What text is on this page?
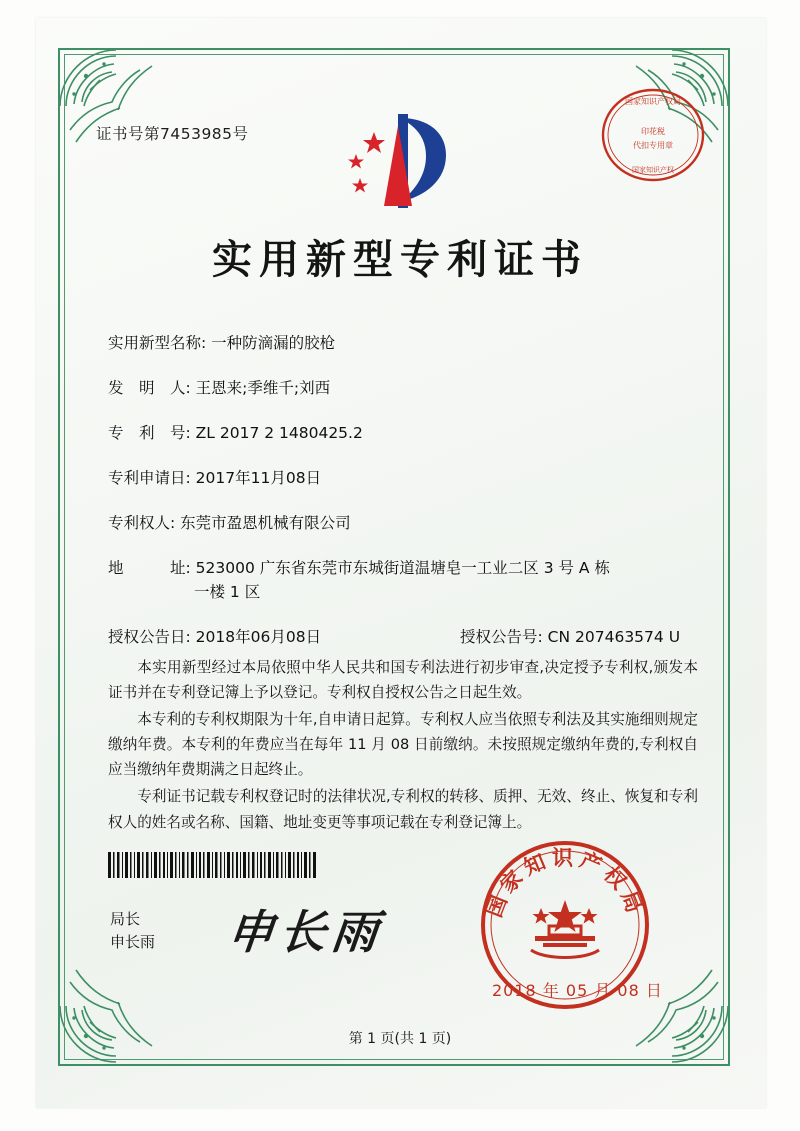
证书号第7453985号
国家知识产权局
印花税
代扣专用章
国家知识产权
实用新型专利证书
实用新型名称: 一种防滴漏的胶枪
发　明　人: 王恩来;季维千;刘西
专　利　号: ZL 2017 2 1480425.2
专利申请日: 2017年11月08日
专利权人: 东莞市盈恩机械有限公司
地　　　址: 523000 广东省东莞市东城街道温塘皂一工业二区 3 号 A 栋
一楼 1 区
授权公告日: 2018年06月08日	授权公告号: CN 207463574 U

本实用新型经过本局依照中华人民共和国专利法进行初步审查,决定授予专利权,颁发本证书并在专利登记簿上予以登记。专利权自授权公告之日起生效。

本专利的专利权期限为十年,自申请日起算。专利权人应当依照专利法及其实施细则规定缴纳年费。本专利的年费应当在每年 11 月 08 日前缴纳。未按照规定缴纳年费的,专利权自应当缴纳年费期满之日起终止。

专利证书记载专利权登记时的法律状况,专利权的转移、质押、无效、终止、恢复和专利权人的姓名或名称、国籍、地址变更等事项记载在专利登记簿上。

局长
申长雨 申长雨
国家知识产权局
2018 年 05 月 08 日
第 1 页(共 1 页)
